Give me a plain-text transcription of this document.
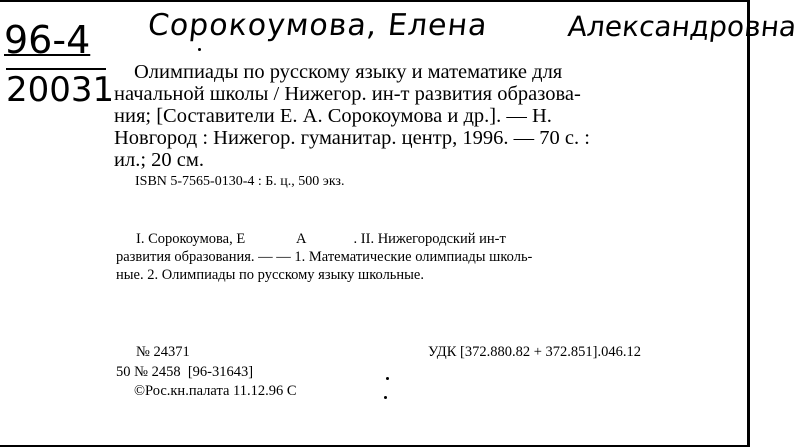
Сорокоумова, Елена	Александровна
96-4
20031 Олимпиады по русскому языку и математике для
начальной школы / Нижегор. ин-т развития образова-
ния; [Составители Е. А. Сорокоумова и др.]. — Н.
Новгород : Нижегор. гуманитар. центр, 1996. — 70 с. :
ил.; 20 см.
ISBN 5-7565-0130-4 : Б. ц., 500 экз.
I. Сорокоумова, Е              А             . II. Нижегородский ин-т
развития образования. — — 1. Математические олимпиады школь-
ные. 2. Олимпиады по русскому языку школьные.
№ 24371	УДК [372.880.82 + 372.851].046.12
50 № 2458  [96-31643]
©Рос.кн.палата 11.12.96 С
